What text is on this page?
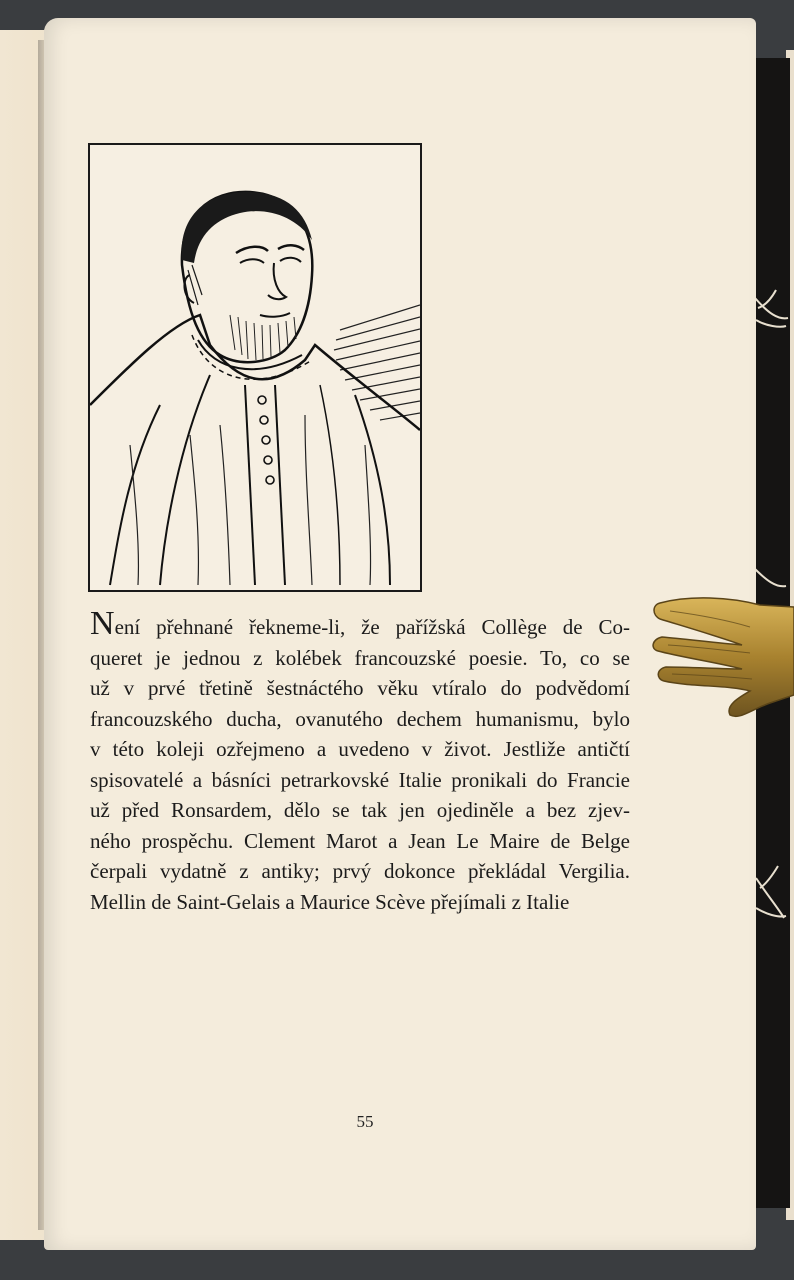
Není přehnané řekneme-li, že pařížská Collège de Co-
queret je jednou z kolébek francouzské poesie. To, co se
už v prvé třetině šestnáctého věku vtíralo do podvědomí
francouzského ducha, ovanutého dechem humanismu, bylo
v této koleji ozřejmeno a uvedeno v život. Jestliže antičtí
spisovatelé a básníci petrarkovské Italie pronikali do Francie
už před Ronsardem, dělo se tak jen ojediněle a bez zjev-
ného prospěchu. Clement Marot a Jean Le Maire de Belge
čerpali vydatně z antiky; prvý dokonce překládal Vergilia.
Mellin de Saint-Gelais a Maurice Scève přejímali z Italie
55
